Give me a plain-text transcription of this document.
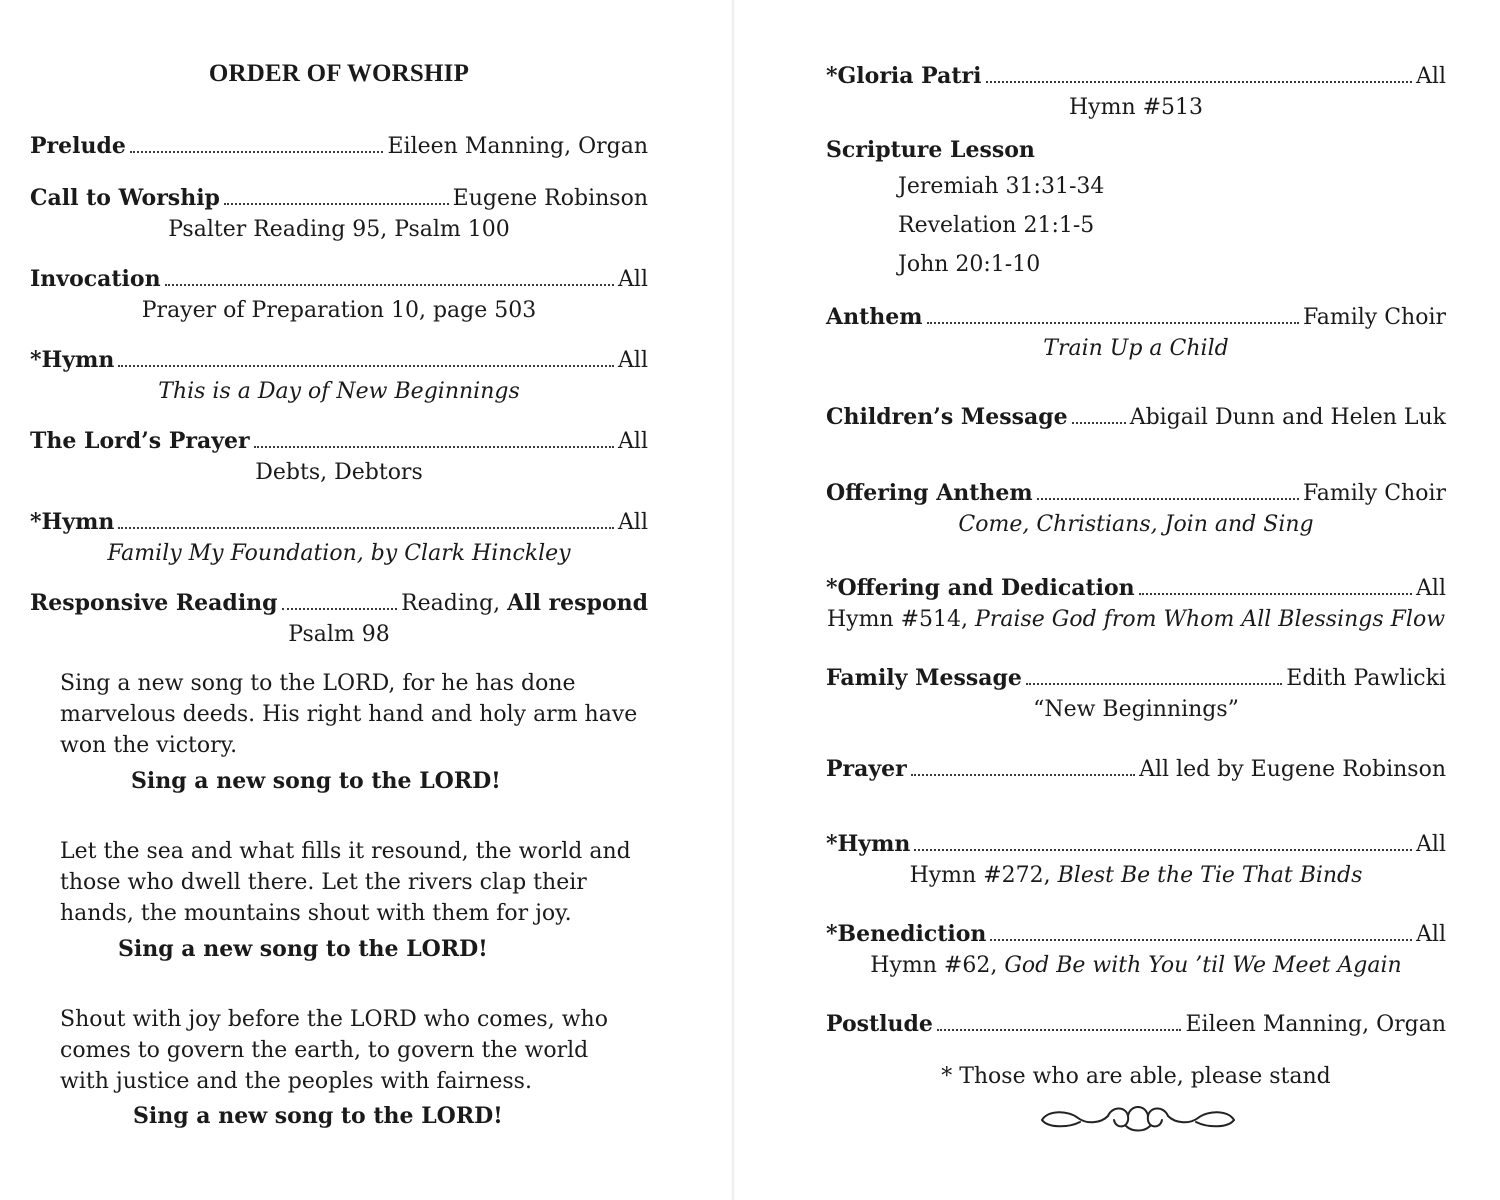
ORDER OF WORSHIP
Prelude	Eileen Manning, Organ
Call to Worship	Eugene Robinson
Psalter Reading 95, Psalm 100
Invocation	All
Prayer of Preparation 10, page 503
*Hymn	All
This is a Day of New Beginnings
The Lord’s Prayer	All
Debts, Debtors
*Hymn	All
Family My Foundation, by Clark Hinckley
Responsive Reading	Reading, All respond
Psalm 98

Sing a new song to the LORD, for he has done marvelous deeds. His right hand and holy arm have won the victory.

Sing a new song to the LORD!

Let the sea and what fills it resound, the world and those who dwell there. Let the rivers clap their hands, the mountains shout with them for joy.

Sing a new song to the LORD!

Shout with joy before the LORD who comes, who comes to govern the earth, to govern the world with justice and the peoples with fairness.

Sing a new song to the LORD!
*Gloria Patri	All
Hymn #513
Scripture Lesson
Jeremiah 31:31-34
Revelation 21:1-5
John 20:1-10
Anthem	Family Choir
Train Up a Child
Children’s Message	Abigail Dunn and Helen Luk
Offering Anthem	Family Choir
Come, Christians, Join and Sing
*Offering and Dedication	All
Hymn #514, Praise God from Whom All Blessings Flow
Family Message	Edith Pawlicki
“New Beginnings”
Prayer	All led by Eugene Robinson
*Hymn	All
Hymn #272, Blest Be the Tie That Binds
*Benediction	All
Hymn #62, God Be with You ’til We Meet Again
Postlude	Eileen Manning, Organ
* Those who are able, please stand
